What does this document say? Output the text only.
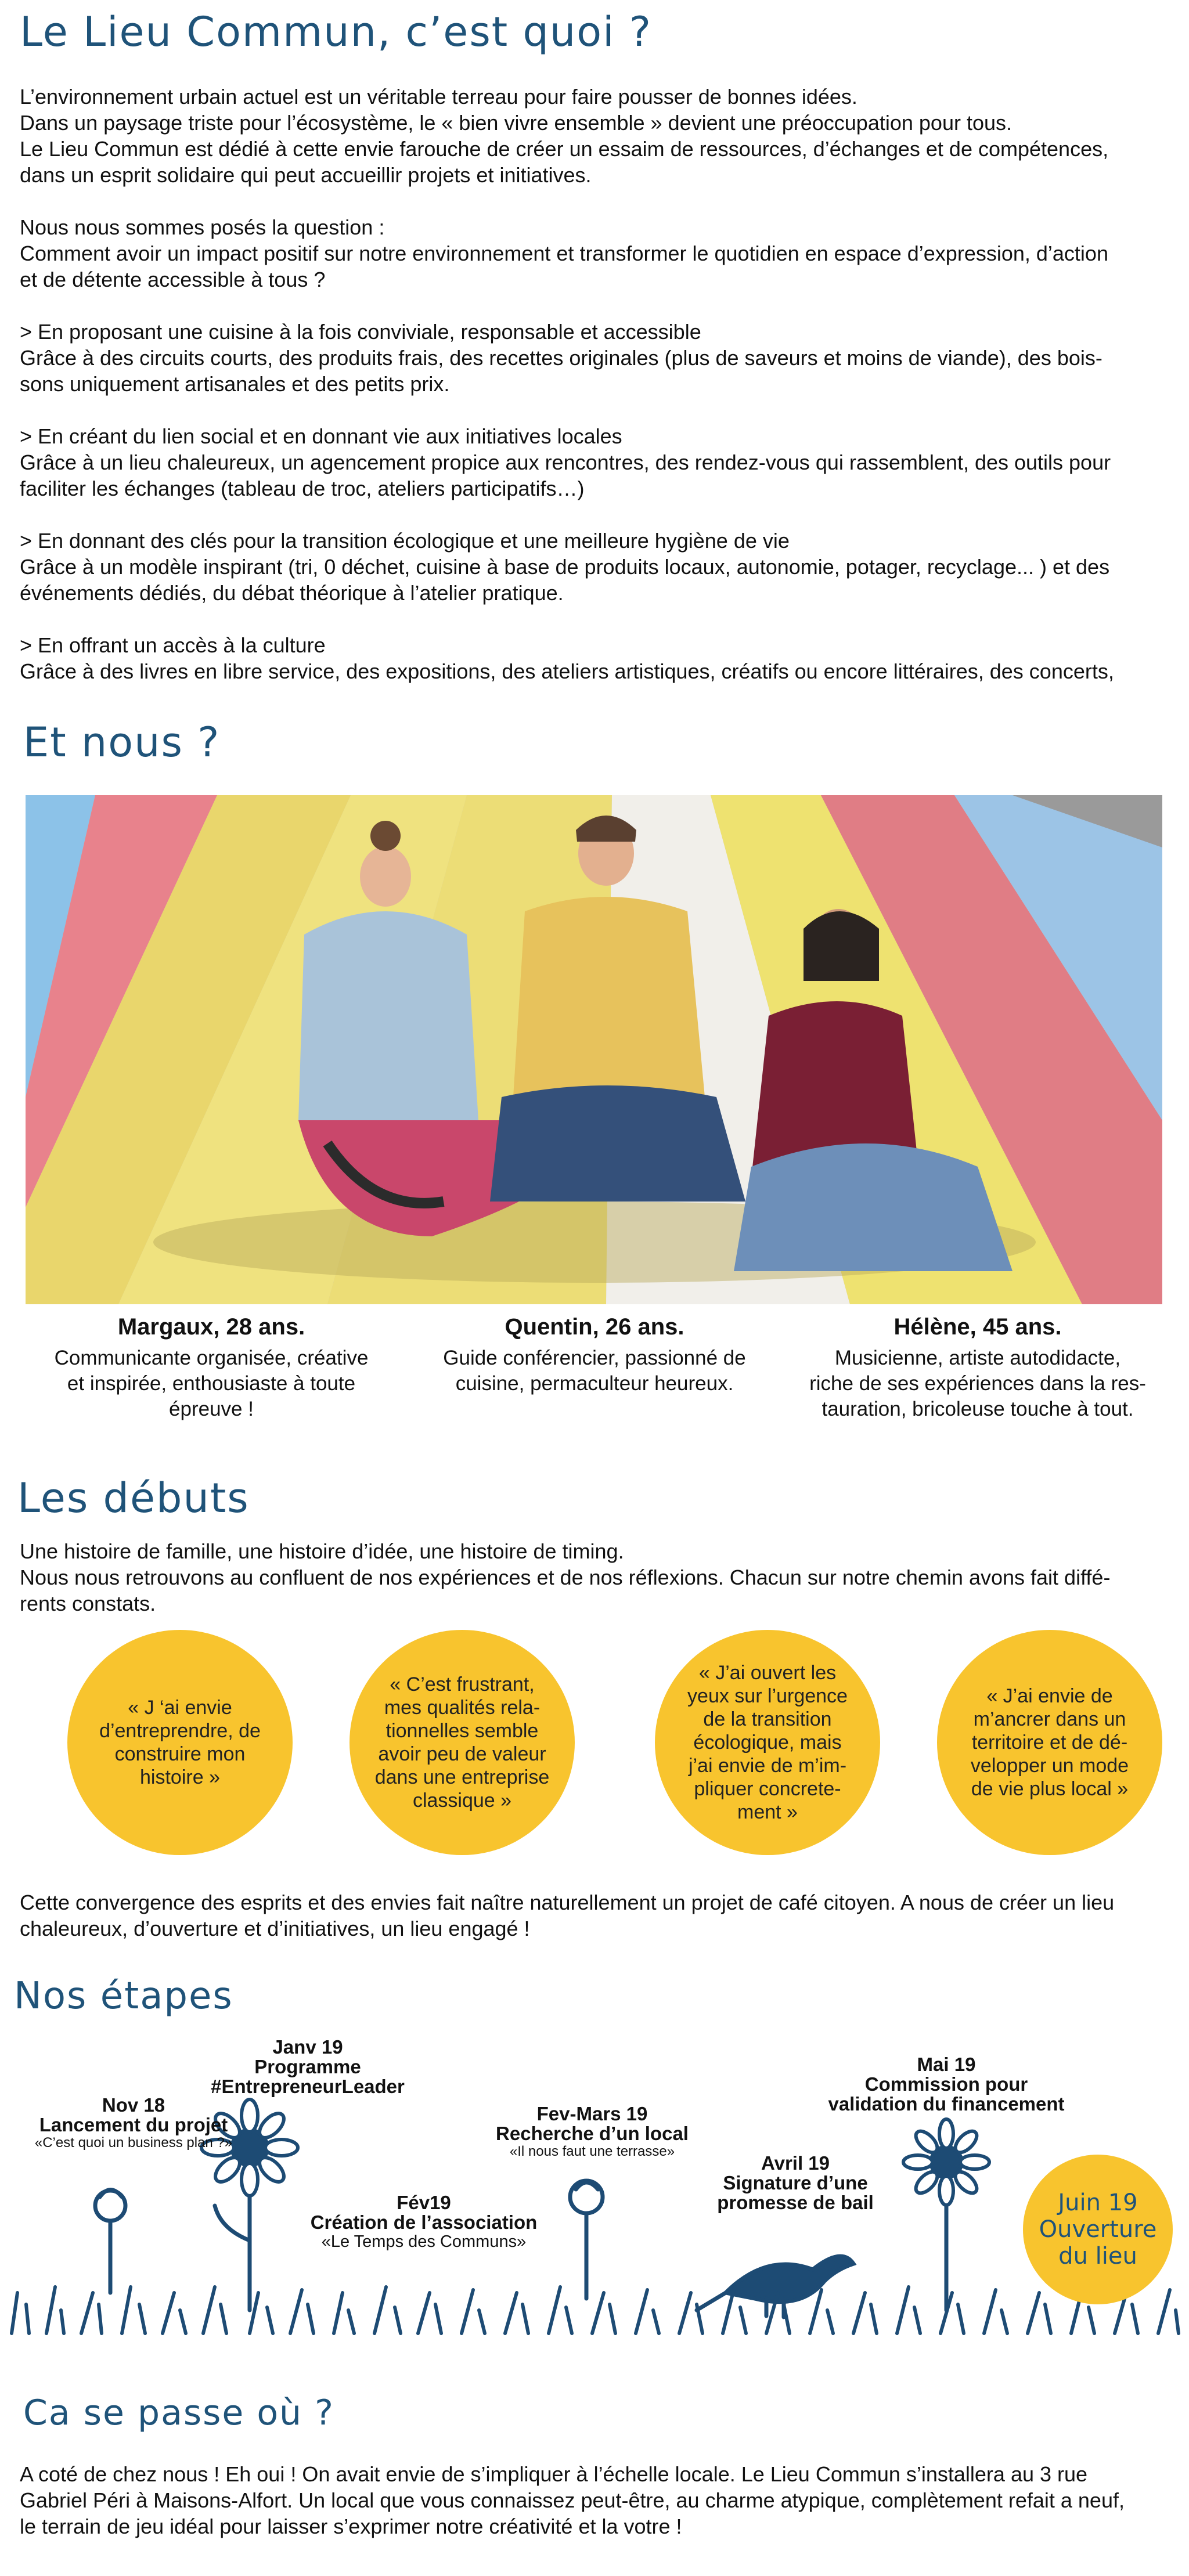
Le Lieu Commun, c’est quoi ?

L’environnement urbain actuel est un véritable terreau pour faire pousser de bonnes idées.

Dans un paysage triste pour l’écosystème, le « bien vivre ensemble » devient une préoccupation pour tous.

Le Lieu Commun est dédié à cette envie farouche de créer un essaim de ressources, d’échanges et de compétences,

dans un esprit solidaire qui peut accueillir projets et initiatives.

Nous nous sommes posés la question :

Comment avoir un impact positif sur notre environnement et transformer le quotidien en espace d’expression, d’action

et de détente accessible à tous ?

> En proposant une cuisine à la fois conviviale, responsable et accessible

Grâce à des circuits courts, des produits frais, des recettes originales (plus de saveurs et moins de viande), des bois-

sons uniquement artisanales et des petits prix.

> En créant du lien social et en donnant vie aux initiatives locales

Grâce à un lieu chaleureux, un agencement propice aux rencontres, des rendez-vous qui rassemblent, des outils pour

faciliter les échanges (tableau de troc, ateliers participatifs…)

> En donnant des clés pour la transition écologique et une meilleure hygiène de vie

Grâce à un modèle inspirant (tri, 0 déchet, cuisine à base de produits locaux, autonomie, potager, recyclage... ) et des

événements dédiés, du débat théorique à l’atelier pratique.

> En offrant un accès à la culture

Grâce à des livres en libre service, des expositions, des ateliers artistiques, créatifs ou encore littéraires, des concerts,

Et nous ?
Margaux, 28 ans.
Communicante organisée, créative
et inspirée, enthousiaste à toute
épreuve !
Quentin, 26 ans.
Guide conférencier, passionné de
cuisine, permaculteur heureux.
Hélène, 45 ans.
Musicienne, artiste autodidacte,
riche de ses expériences dans la res-
tauration, bricoleuse touche à tout.
Les débuts

Une histoire de famille, une histoire d’idée, une histoire de timing.

Nous nous retrouvons au confluent de nos expériences et de nos réflexions. Chacun sur notre chemin avons fait diffé-

rents constats.

« J ‘ai envie d’entreprendre, de construire mon histoire »
« C’est frustrant, mes qualités rela-tionnelles semble avoir peu de valeur dans une entreprise classique »
« J’ai ouvert les yeux sur l’urgence de la transition écologique, mais j’ai envie de m’im-pliquer concrete-ment »
« J’ai envie de m’ancrer dans un territoire et de dé-velopper un mode de vie plus local »

Cette convergence des esprits et des envies fait naître naturellement un projet de café citoyen. A nous de créer un lieu

chaleureux, d’ouverture et d’initiatives, un lieu engagé !

Nos étapes
Nov 18
Lancement du projet
«C’est quoi un business plan ?»
Janv 19
Programme
#EntrepreneurLeader
Fév19
Création de l’association
«Le Temps des Communs»
Fev-Mars 19
Recherche d’un local
«Il nous faut une terrasse»
Avril 19
Signature d’une
promesse de bail
Mai 19
Commission pour
validation du financement
Juin 19
Ouverture
du lieu
Ca se passe où ?

A coté de chez nous ! Eh oui ! On avait envie de s’impliquer à l’échelle locale. Le Lieu Commun s’installera au 3 rue

Gabriel Péri à Maisons-Alfort. Un local que vous connaissez peut-être, au charme atypique, complètement refait a neuf,

le terrain de jeu idéal pour laisser s’exprimer notre créativité et la votre !
